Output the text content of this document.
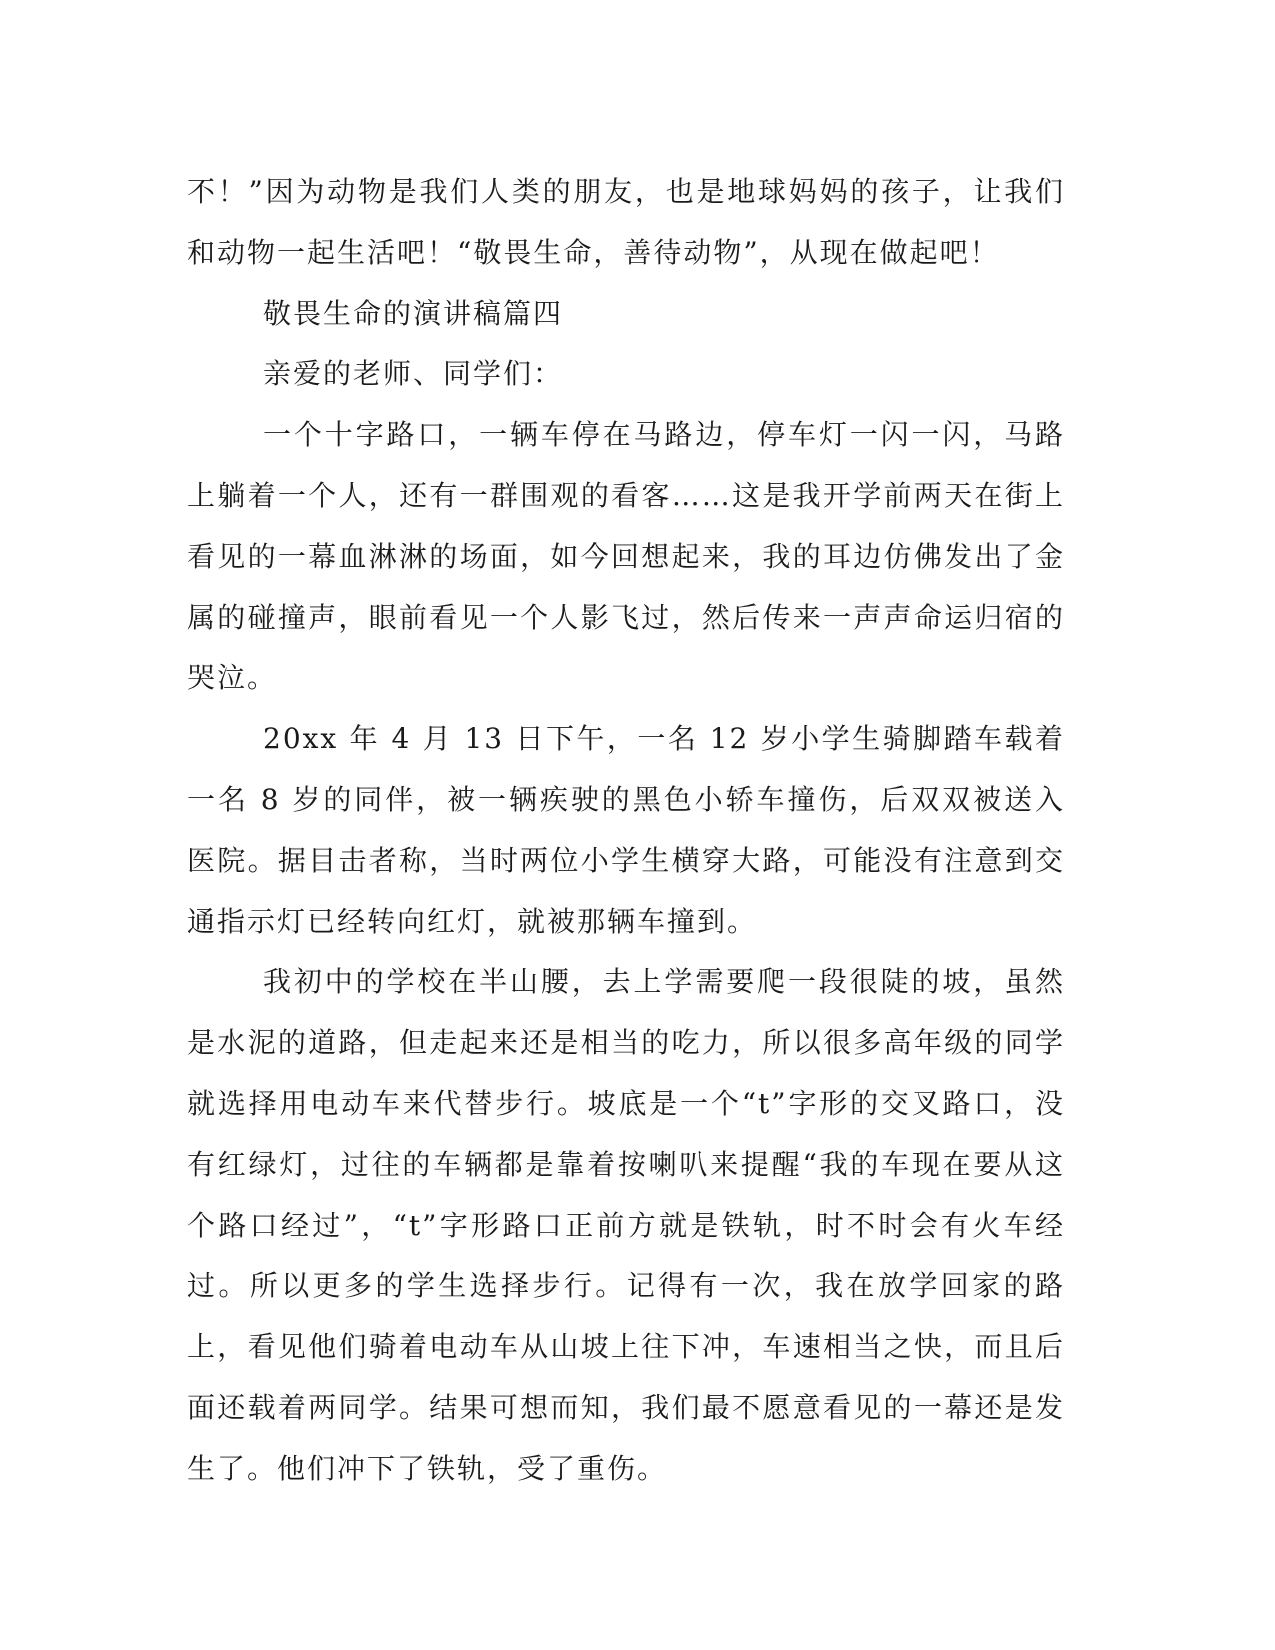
不！”因为动物是我们人类的朋友，也是地球妈妈的孩子，让我们和动物一起生活吧！“敬畏生命，善待动物”，从现在做起吧！

敬畏生命的演讲稿篇四

亲爱的老师、同学们：

一个十字路口，一辆车停在马路边，停车灯一闪一闪，马路上躺着一个人，还有一群围观的看客……这是我开学前两天在街上看见的一幕血淋淋的场面，如今回想起来，我的耳边仿佛发出了金属的碰撞声，眼前看见一个人影飞过，然后传来一声声命运归宿的哭泣。

20xx 年 4 月 13 日下午，一名 12 岁小学生骑脚踏车载着一名 8 岁的同伴，被一辆疾驶的黑色小轿车撞伤，后双双被送入医院。据目击者称，当时两位小学生横穿大路，可能没有注意到交通指示灯已经转向红灯，就被那辆车撞到。

我初中的学校在半山腰，去上学需要爬一段很陡的坡，虽然是水泥的道路，但走起来还是相当的吃力，所以很多高年级的同学就选择用电动车来代替步行。坡底是一个“t”字形的交叉路口，没有红绿灯，过往的车辆都是靠着按喇叭来提醒“我的车现在要从这个路口经过”，“t”字形路口正前方就是铁轨，时不时会有火车经过。所以更多的学生选择步行。记得有一次，我在放学回家的路上，看见他们骑着电动车从山坡上往下冲，车速相当之快，而且后面还载着两同学。结果可想而知，我们最不愿意看见的一幕还是发生了。他们冲下了铁轨，受了重伤。
